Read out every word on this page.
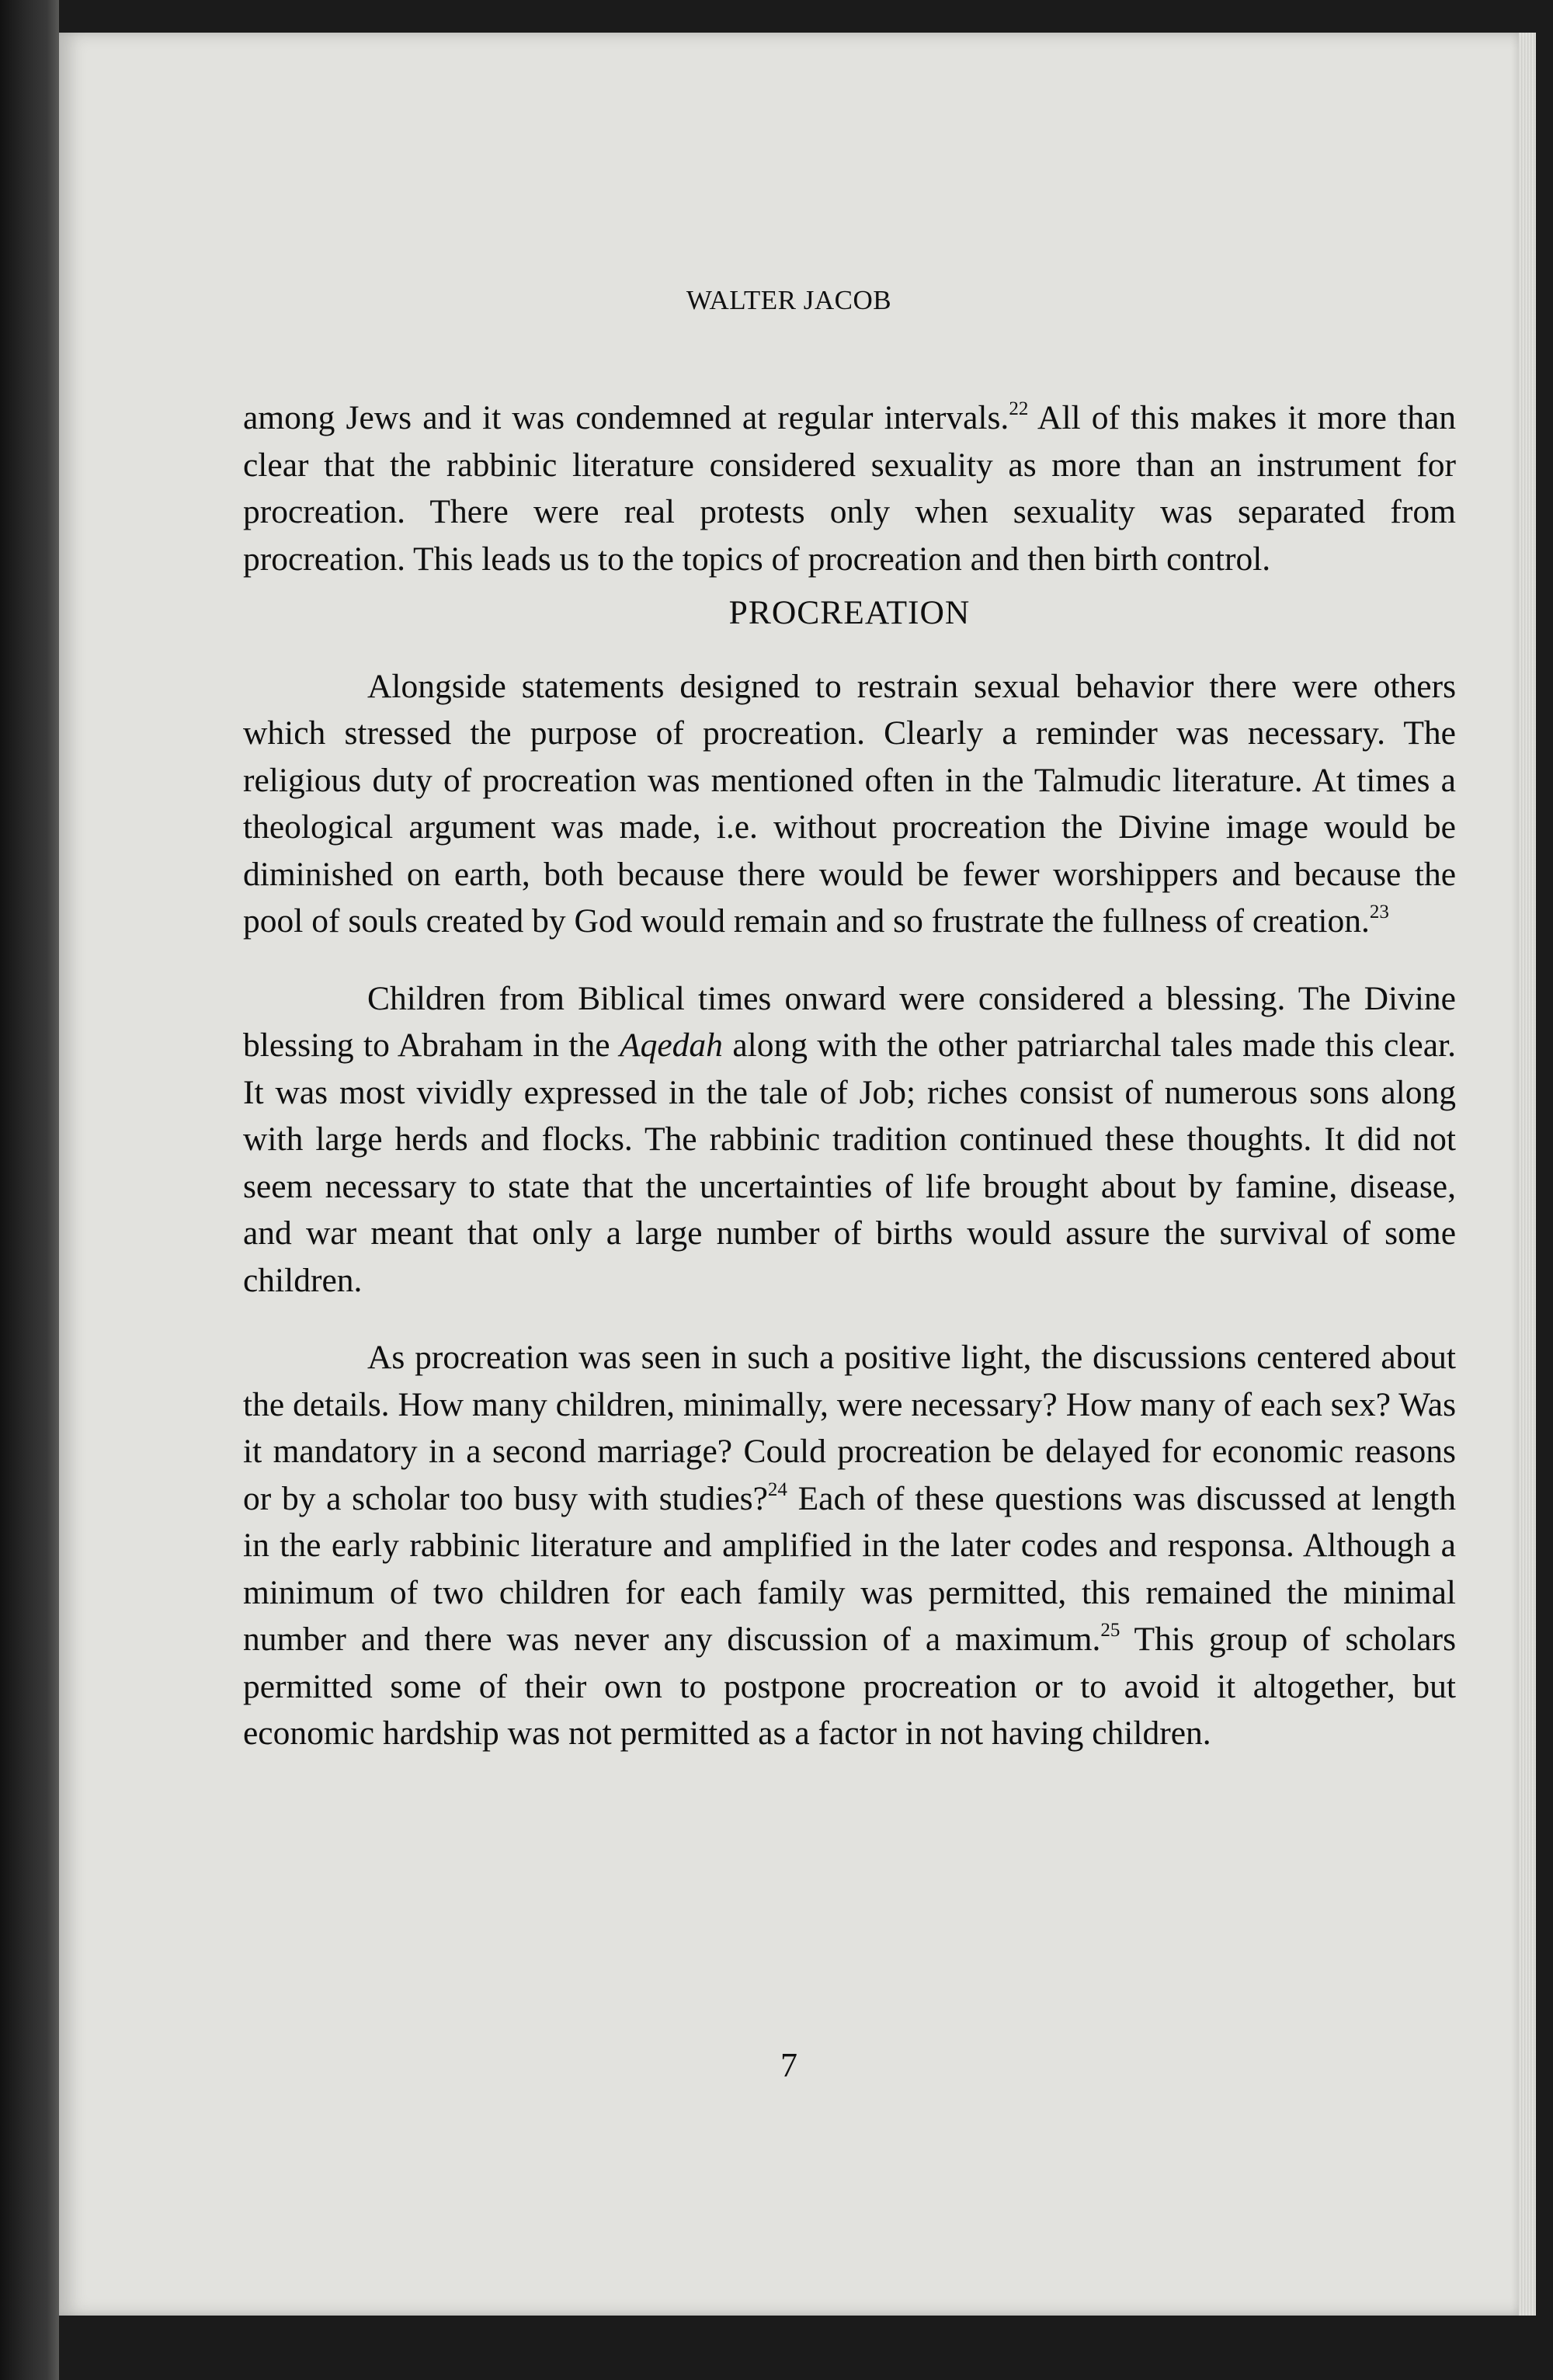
WALTER JACOB

among Jews and it was condemned at regular intervals.$^{22}$ All of this makes it more than clear that the rabbinic literature considered sexuality as more than an instrument for procreation. There were real protests only when sexuality was separated from procreation. This leads us to the topics of procreation and then birth control.

PROCREATION

Alongside statements designed to restrain sexual behavior there were others which stressed the purpose of procreation. Clearly a reminder was necessary. The religious duty of procreation was mentioned often in the Talmudic literature. At times a theological argument was made, i.e. without procreation the Divine image would be diminished on earth, both because there would be fewer worshippers and because the pool of souls created by God would remain and so frustrate the fullness of creation.$^{23}$

Children from Biblical times onward were considered a blessing. The Divine blessing to Abraham in the Aqedah along with the other patriarchal tales made this clear. It was most vividly expressed in the tale of Job; riches consist of numerous sons along with large herds and flocks. The rabbinic tradition continued these thoughts. It did not seem necessary to state that the uncertainties of life brought about by famine, disease, and war meant that only a large number of births would assure the survival of some children.

As procreation was seen in such a positive light, the discussions centered about the details. How many children, minimally, were necessary? How many of each sex? Was it mandatory in a second marriage? Could procreation be delayed for economic reasons or by a scholar too busy with studies?$^{24}$ Each of these questions was discussed at length in the early rabbinic literature and amplified in the later codes and responsa. Although a minimum of two children for each family was permitted, this remained the minimal number and there was never any discussion of a maximum.$^{25}$ This group of scholars permitted some of their own to postpone procreation or to avoid it altogether, but economic hardship was not permitted as a factor in not having children.

7
